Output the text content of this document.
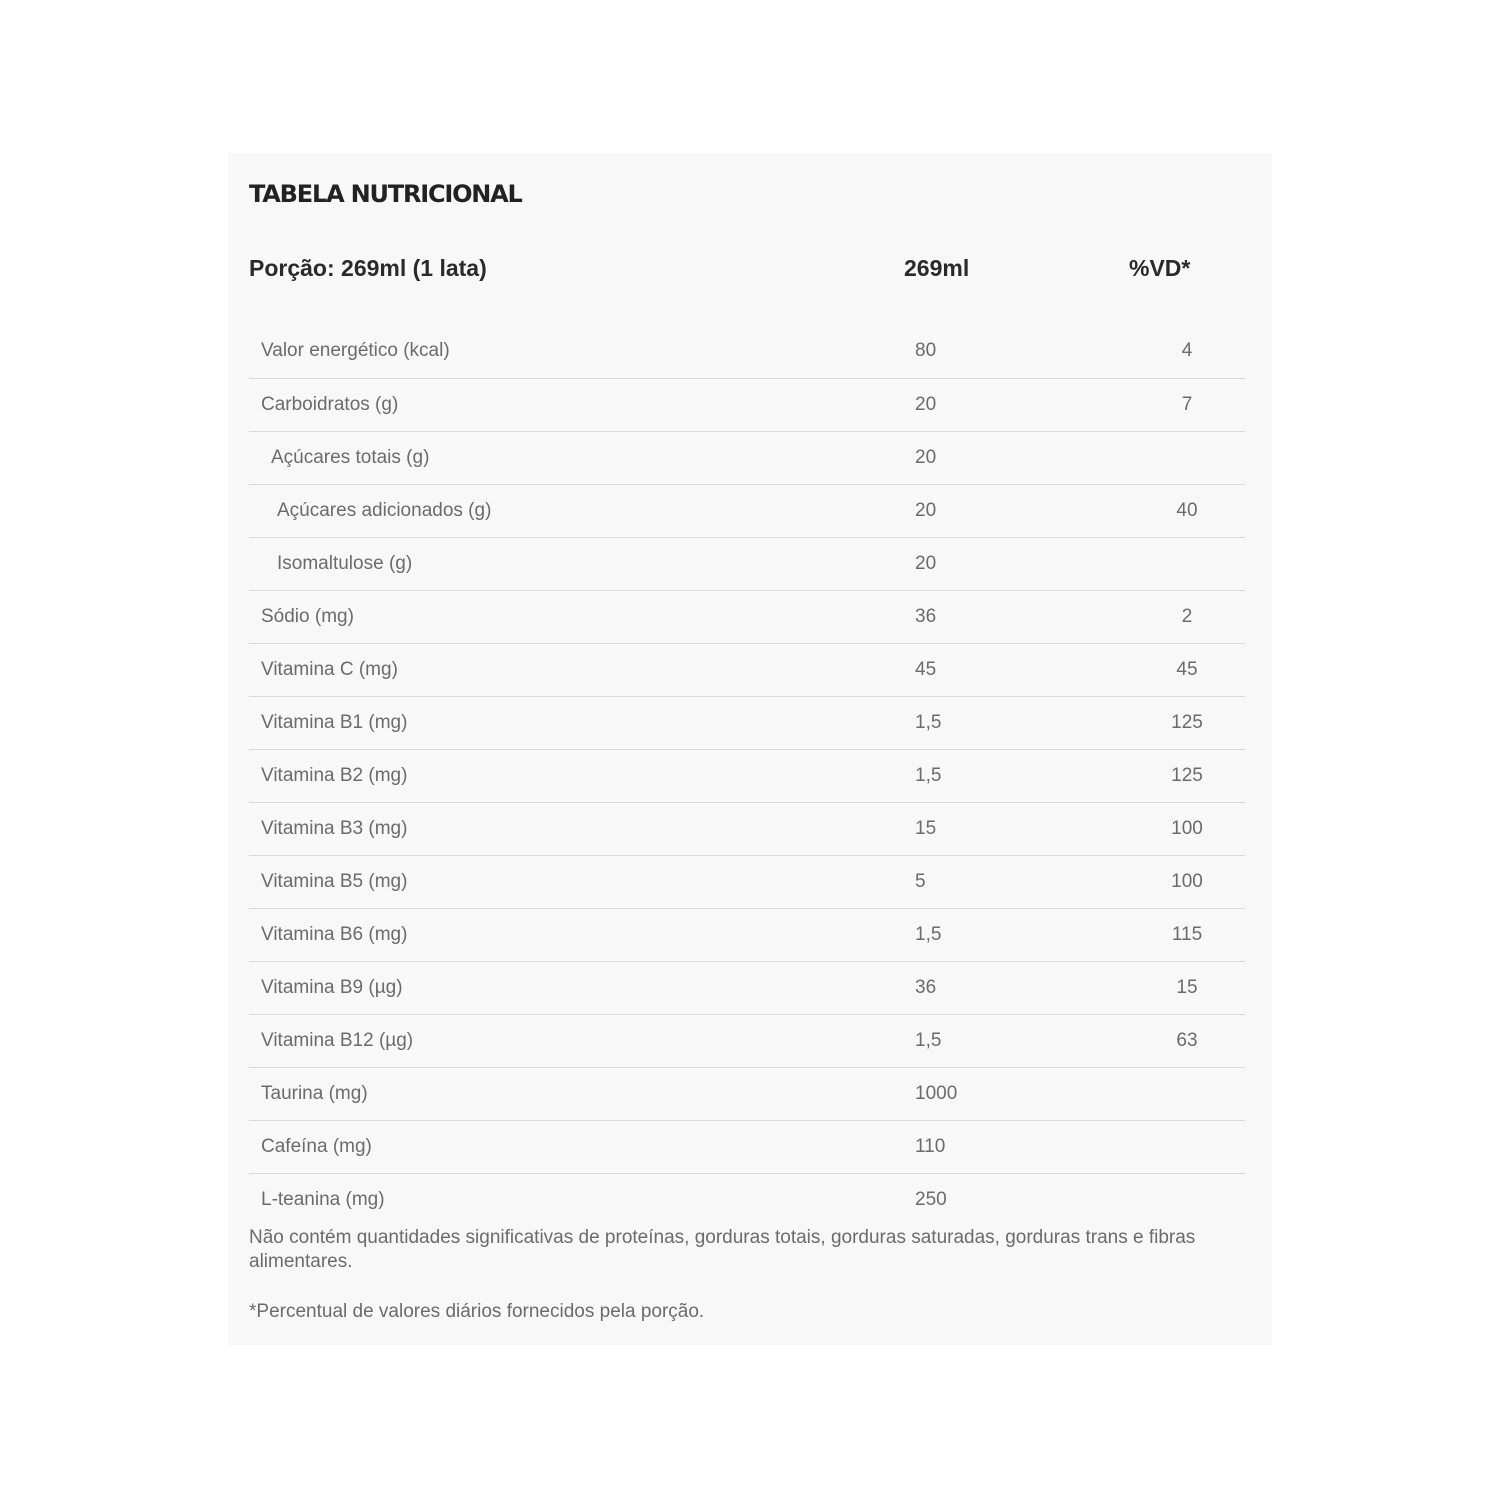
TABELA NUTRICIONAL
Porção: 269ml (1 lata)	269ml	%VD*
Valor energético (kcal)	80	4
Carboidratos (g)	20	7
Açúcares totais (g)	20
Açúcares adicionados (g)	20	40
Isomaltulose (g)	20
Sódio (mg)	36	2
Vitamina C (mg)	45	45
Vitamina B1 (mg)	1,5	125
Vitamina B2 (mg)	1,5	125
Vitamina B3 (mg)	15	100
Vitamina B5 (mg)	5	100
Vitamina B6 (mg)	1,5	115
Vitamina B9 (µg)	36	15
Vitamina B12 (µg)	1,5	63
Taurina (mg)	1000
Cafeína (mg)	110
L-teanina (mg)	250

Não contém quantidades significativas de proteínas, gorduras totais, gorduras saturadas, gorduras trans e fibras alimentares.

*Percentual de valores diários fornecidos pela porção.
